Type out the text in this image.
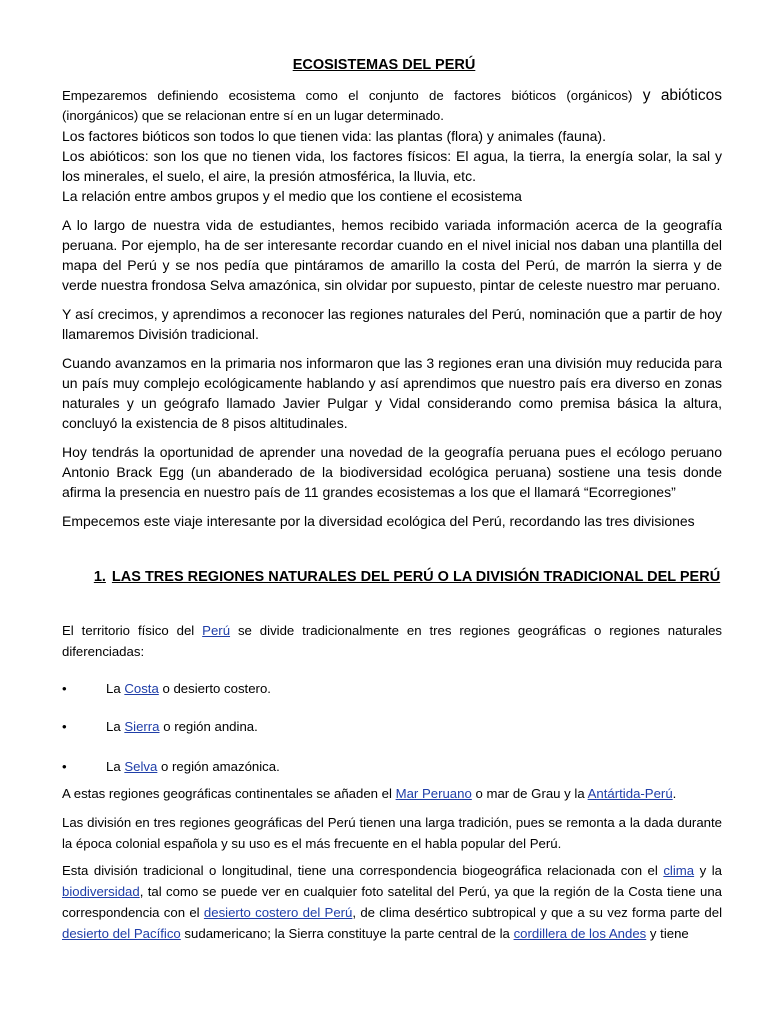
ECOSISTEMAS DEL PERÚ

Empezaremos definiendo ecosistema como el conjunto de factores bióticos (orgánicos) y abióticos (inorgánicos) que se relacionan entre sí en un lugar determinado.

Los factores bióticos son todos lo que tienen vida: las plantas (flora) y animales (fauna).

Los abióticos: son los que no tienen vida, los factores físicos: El agua, la tierra, la energía solar, la sal y los minerales, el suelo, el aire, la presión atmosférica, la lluvia, etc.

La relación entre ambos grupos y el medio que los contiene el ecosistema

A lo largo de nuestra vida de estudiantes, hemos recibido variada información acerca de la geografía peruana. Por ejemplo, ha de ser interesante recordar cuando en el nivel inicial nos daban una plantilla del mapa del Perú y se nos pedía que pintáramos de amarillo la costa del Perú, de marrón la sierra y de verde nuestra frondosa Selva amazónica, sin olvidar por supuesto, pintar de celeste nuestro mar peruano.

Y así crecimos, y aprendimos a reconocer las regiones naturales del Perú, nominación que a partir de hoy llamaremos División tradicional.

Cuando avanzamos en la primaria nos informaron que las 3 regiones eran una división muy reducida para un país muy complejo ecológicamente hablando y así aprendimos que nuestro país era diverso en zonas naturales y un geógrafo llamado Javier Pulgar y Vidal considerando como premisa básica la altura, concluyó la existencia de 8 pisos altitudinales.

Hoy tendrás la oportunidad de aprender una novedad de la geografía peruana pues el ecólogo peruano Antonio Brack Egg (un abanderado de la biodiversidad ecológica peruana) sostiene una tesis donde afirma la presencia en nuestro país de 11 grandes ecosistemas a los que el llamará “Ecorregiones”

Empecemos este viaje interesante por la diversidad ecológica del Perú, recordando las tres divisiones

1. LAS TRES REGIONES NATURALES DEL PERÚ O LA DIVISIÓN TRADICIONAL DEL PERÚ

El territorio físico del Perú se divide tradicionalmente en tres regiones geográficas o regiones naturales diferenciadas:

•	La Costa o desierto costero.
•	La Sierra o región andina.
•	La Selva o región amazónica.

A estas regiones geográficas continentales se añaden el Mar Peruano o mar de Grau y la Antártida-Perú.

Las división en tres regiones geográficas del Perú tienen una larga tradición, pues se remonta a la dada durante la época colonial española y su uso es el más frecuente en el habla popular del Perú.

Esta división tradicional o longitudinal, tiene una correspondencia biogeográfica relacionada con el clima y la biodiversidad, tal como se puede ver en cualquier foto satelital del Perú, ya que la región de la Costa tiene una correspondencia con el desierto costero del Perú, de clima desértico subtropical y que a su vez forma parte del desierto del Pacífico sudamericano; la Sierra constituye la parte central de la cordillera de los Andes y tiene
